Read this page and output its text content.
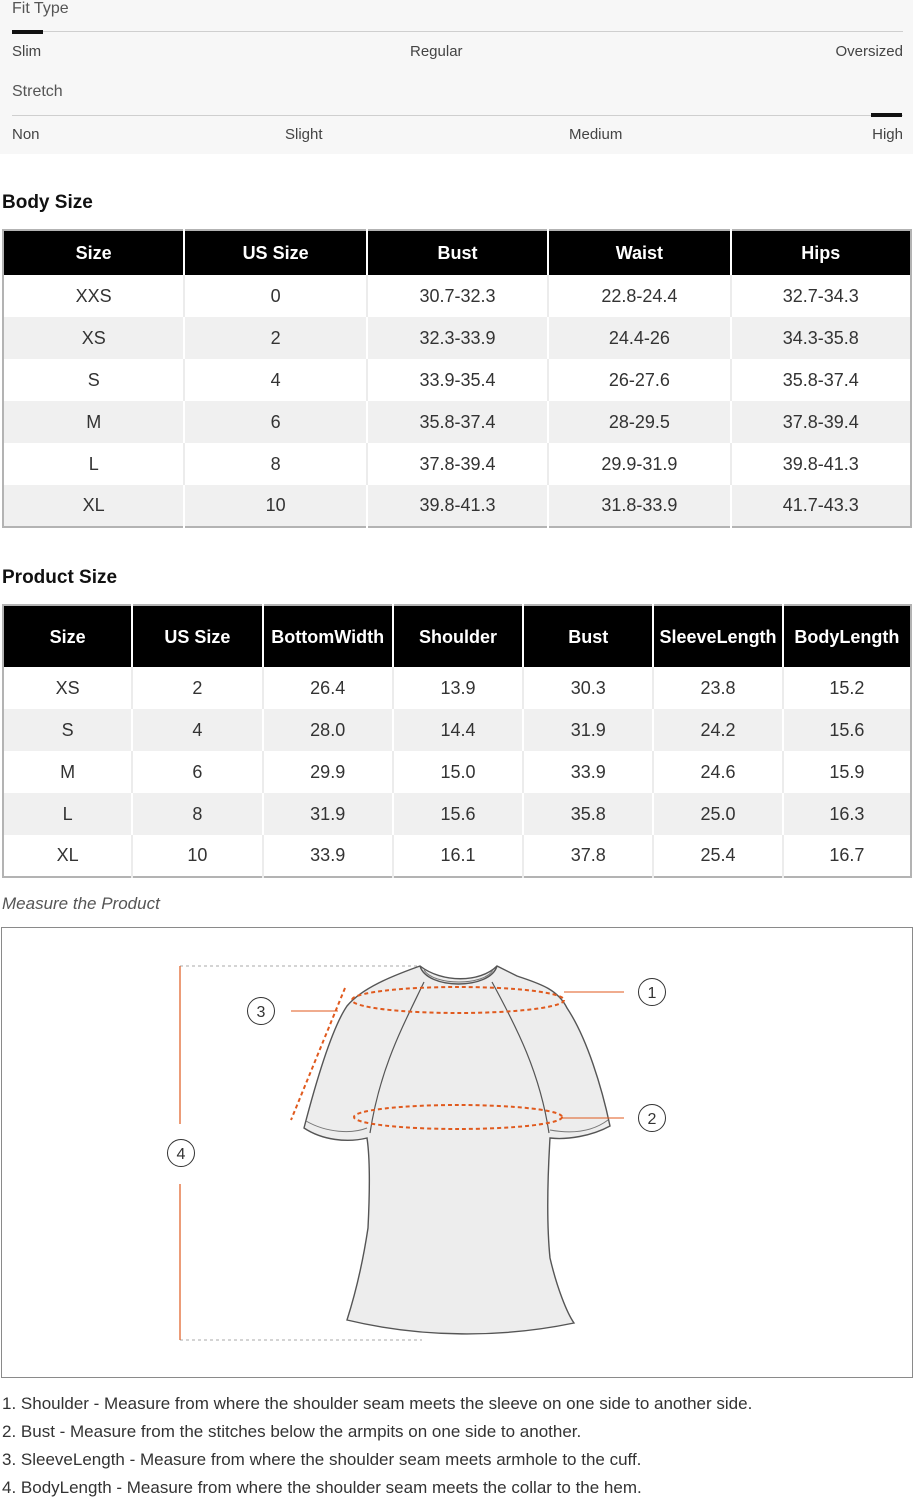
Fit Type
Slim	Regular	Oversized
Stretch
Non	Slight	Medium	High
Body Size
Size	US Size	Bust	Waist	Hips
XXS	0	30.7-32.3	22.8-24.4	32.7-34.3
XS	2	32.3-33.9	24.4-26	34.3-35.8
S	4	33.9-35.4	26-27.6	35.8-37.4
M	6	35.8-37.4	28-29.5	37.8-39.4
L	8	37.8-39.4	29.9-31.9	39.8-41.3
XL	10	39.8-41.3	31.8-33.9	41.7-43.3
Product Size
Size	US Size	BottomWidth	Shoulder	Bust	SleeveLength	BodyLength
XS	2	26.4	13.9	30.3	23.8	15.2
S	4	28.0	14.4	31.9	24.2	15.6
M	6	29.9	15.0	33.9	24.6	15.9
L	8	31.9	15.6	35.8	25.0	16.3
XL	10	33.9	16.1	37.8	25.4	16.7
Measure the Product
1
2
3
4
1. Shoulder - Measure from where the shoulder seam meets the sleeve on one side to another side.
2. Bust - Measure from the stitches below the armpits on one side to another.
3. SleeveLength - Measure from where the shoulder seam meets armhole to the cuff.
4. BodyLength - Measure from where the shoulder seam meets the collar to the hem.
